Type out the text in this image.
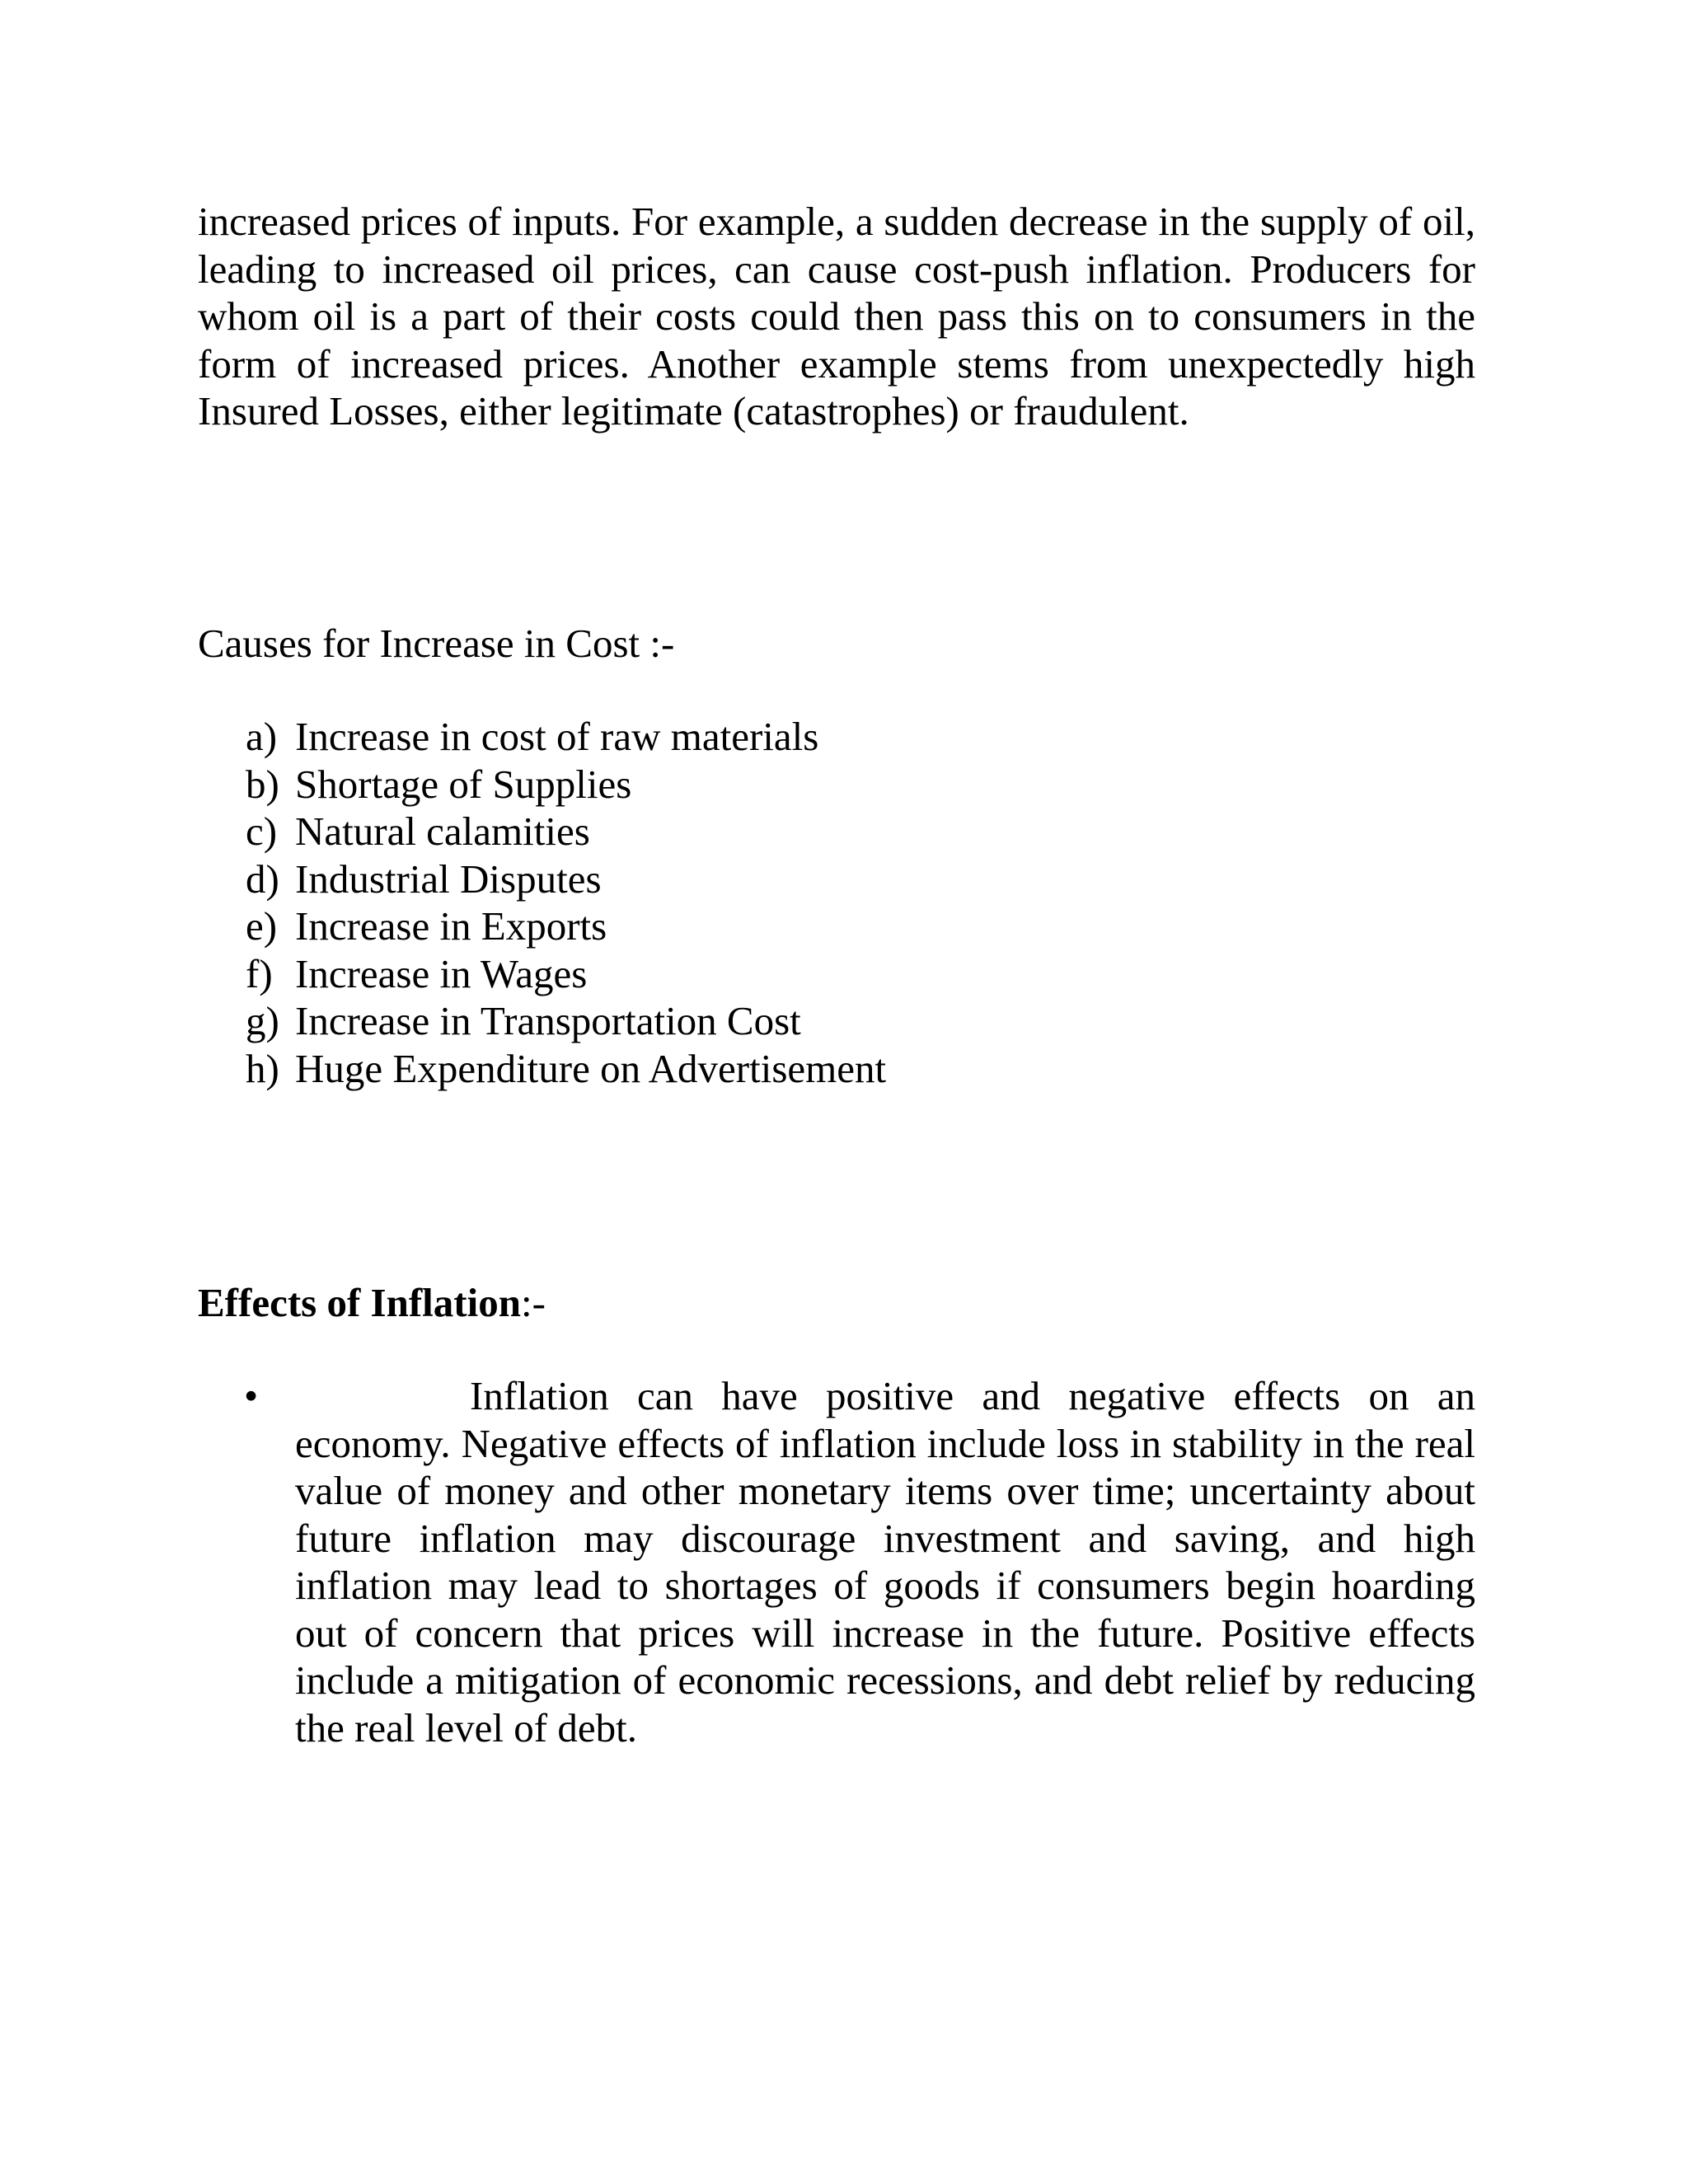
increased prices of inputs. For example, a sudden decrease in the supply of oil, leading to increased oil prices, can cause cost-push inflation. Producers for whom oil is a part of their costs could then pass this on to consumers in the form of increased prices. Another example stems from unexpectedly high Insured Losses, either legitimate (catastrophes) or fraudulent.

Causes for Increase in Cost :-
a) Increase in cost of raw materials
b) Shortage of Supplies
c) Natural calamities
d) Industrial Disputes
e) Increase in Exports
f) Increase in Wages
g) Increase in Transportation Cost
h) Huge Expenditure on Advertisement
Effects of Inflation:-
•	Inflation can have positive and negative effects on an economy. Negative effects of inflation include loss in stability in the real value of money and other monetary items over time; uncertainty about future inflation may discourage investment and saving, and high inflation may lead to shortages of goods if consumers begin hoarding out of concern that prices will increase in the future. Positive effects include a mitigation of economic recessions, and debt relief by reducing the real level of debt.
